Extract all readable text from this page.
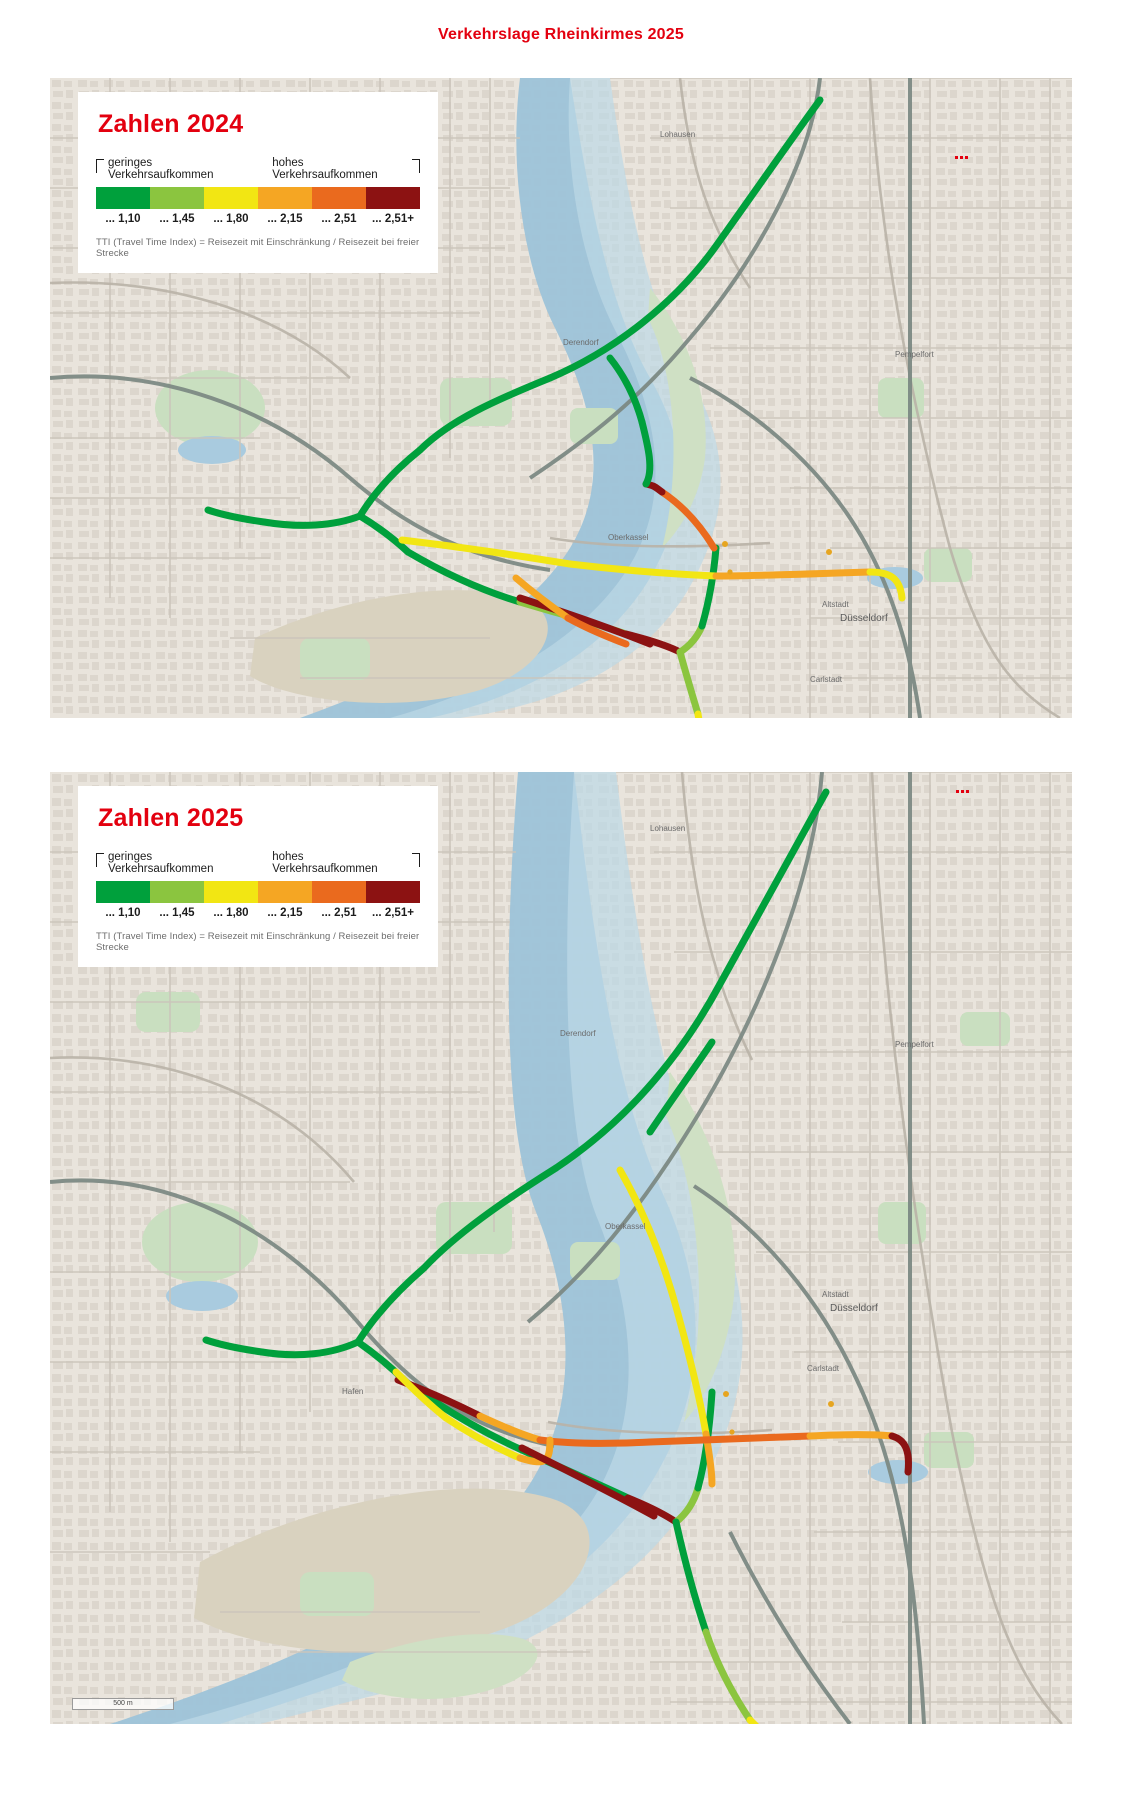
Verkehrslage Rheinkirmes 2025
Lohausen
Derendorf
Pempelfort
Oberkassel
Altstadt
Düsseldorf
Carlstadt
Zahlen 2024
geringes Verkehrsaufkommen
hohes Verkehrsaufkommen
... 1,10	... 1,45	... 1,80	... 2,15	... 2,51	... 2,51+
TTI (Travel Time Index) = Reisezeit mit Einschränkung / Reisezeit bei freier Strecke
Lohausen
Derendorf
Pempelfort
Oberkassel
Altstadt
Düsseldorf
Carlstadt
Hafen
500 m
Zahlen 2025
geringes Verkehrsaufkommen
hohes Verkehrsaufkommen
... 1,10	... 1,45	... 1,80	... 2,15	... 2,51	... 2,51+
TTI (Travel Time Index) = Reisezeit mit Einschränkung / Reisezeit bei freier Strecke
